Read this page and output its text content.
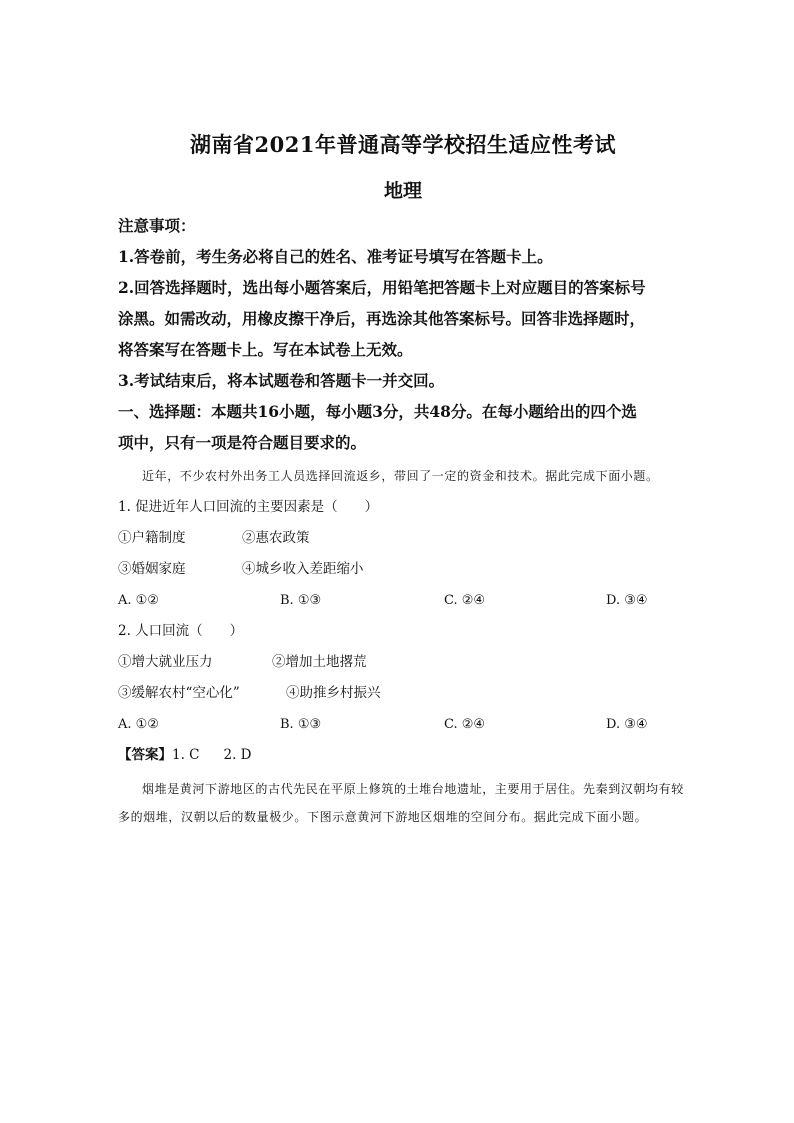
湖南省2021年普通高等学校招生适应性考试
地理

注意事项：

1.答卷前，考生务必将自己的姓名、准考证号填写在答题卡上。

2.回答选择题时，选出每小题答案后，用铅笔把答题卡上对应题目的答案标号

涂黑。如需改动，用橡皮擦干净后，再选涂其他答案标号。回答非选择题时，

将答案写在答题卡上。写在本试卷上无效。

3.考试结束后，将本试题卷和答题卡一并交回。

一、选择题：本题共16小题，每小题3分，共48分。在每小题给出的四个选

项中，只有一项是符合题目要求的。

近年，不少农村外出务工人员选择回流返乡，带回了一定的资金和技术。据此完成下面小题。

1. 促进近年人口回流的主要因素是（　　）

①户籍制度	②惠农政策
③婚姻家庭	④城乡收入差距缩小
A. ①②	B. ①③	C. ②④	D. ③④

2. 人口回流（　　）

①增大就业压力	②增加土地撂荒
③缓解农村“空心化”	④助推乡村振兴
A. ①②	B. ①③	C. ②④	D. ③④
【答案】1. C 2. D

烟堆是黄河下游地区的古代先民在平原上修筑的土堆台地遗址，主要用于居住。先秦到汉朝均有较多的烟堆，汉朝以后的数量极少。下图示意黄河下游地区烟堆的空间分布。据此完成下面小题。
